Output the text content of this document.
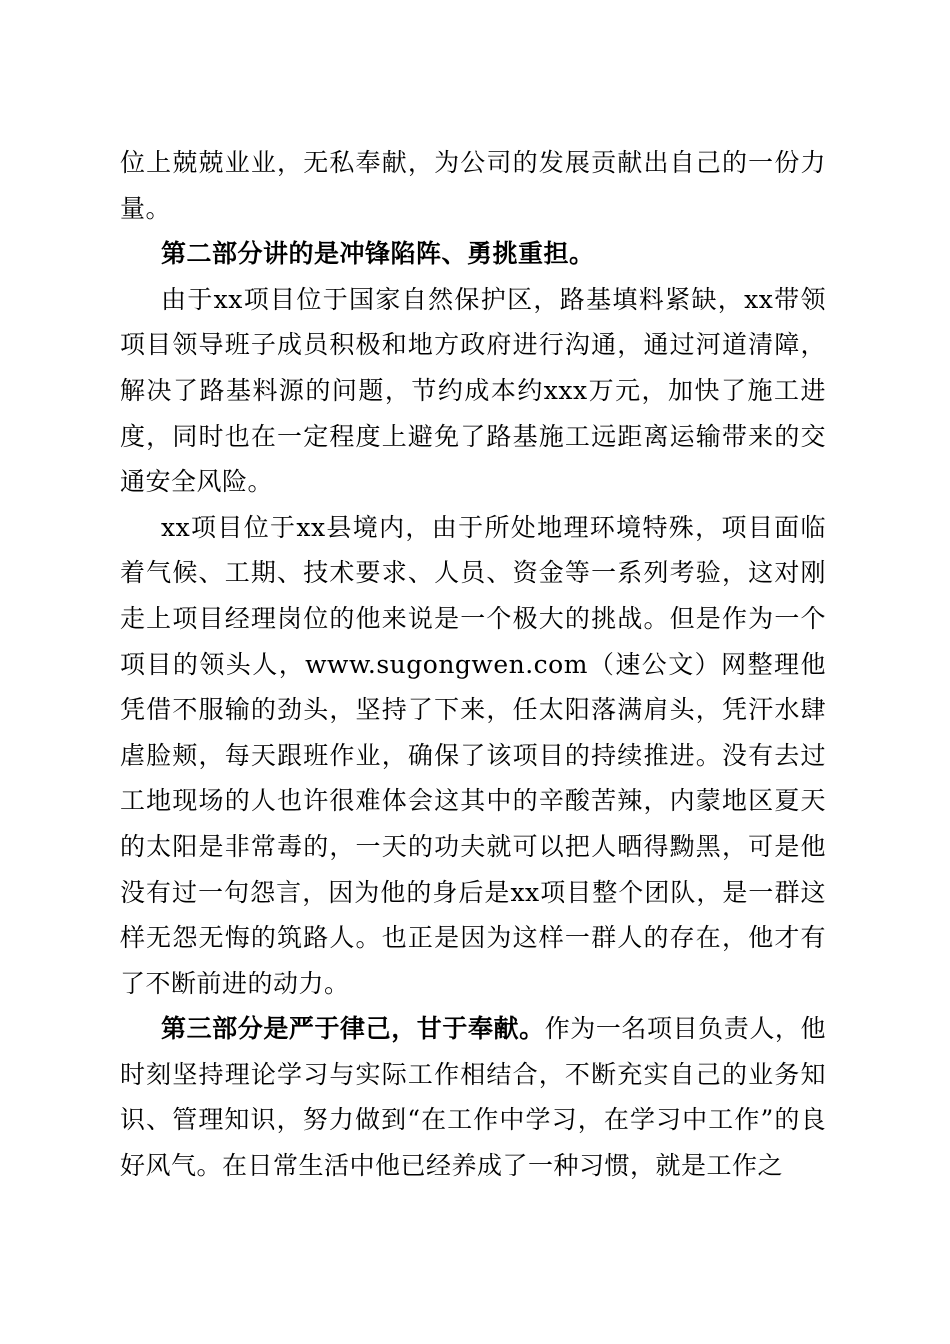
位上兢兢业业，无私奉献，为公司的发展贡献出自己的一份力量。

第二部分讲的是冲锋陷阵、勇挑重担。

由于xx项目位于国家自然保护区，路基填料紧缺，xx带领项目领导班子成员积极和地方政府进行沟通，通过河道清障，解决了路基料源的问题，节约成本约xxx万元，加快了施工进度，同时也在一定程度上避免了路基施工远距离运输带来的交通安全风险。

xx项目位于xx县境内，由于所处地理环境特殊，项目面临着气候、工期、技术要求、人员、资金等一系列考验，这对刚走上项目经理岗位的他来说是一个极大的挑战。但是作为一个项目的领头人，www.sugongwen.com（速公文）网整理他凭借不服输的劲头，坚持了下来，任太阳落满肩头，凭汗水肆虐脸颊，每天跟班作业，确保了该项目的持续推进。没有去过工地现场的人也许很难体会这其中的辛酸苦辣，内蒙地区夏天的太阳是非常毒的，一天的功夫就可以把人晒得黝黑，可是他没有过一句怨言，因为他的身后是xx项目整个团队，是一群这样无怨无悔的筑路人。也正是因为这样一群人的存在，他才有了不断前进的动力。

第三部分是严于律己，甘于奉献。作为一名项目负责人，他时刻坚持理论学习与实际工作相结合，不断充实自己的业务知识、管理知识，努力做到“在工作中学习，在学习中工作”的良好风气。在日常生活中他已经养成了一种习惯，就是工作之
